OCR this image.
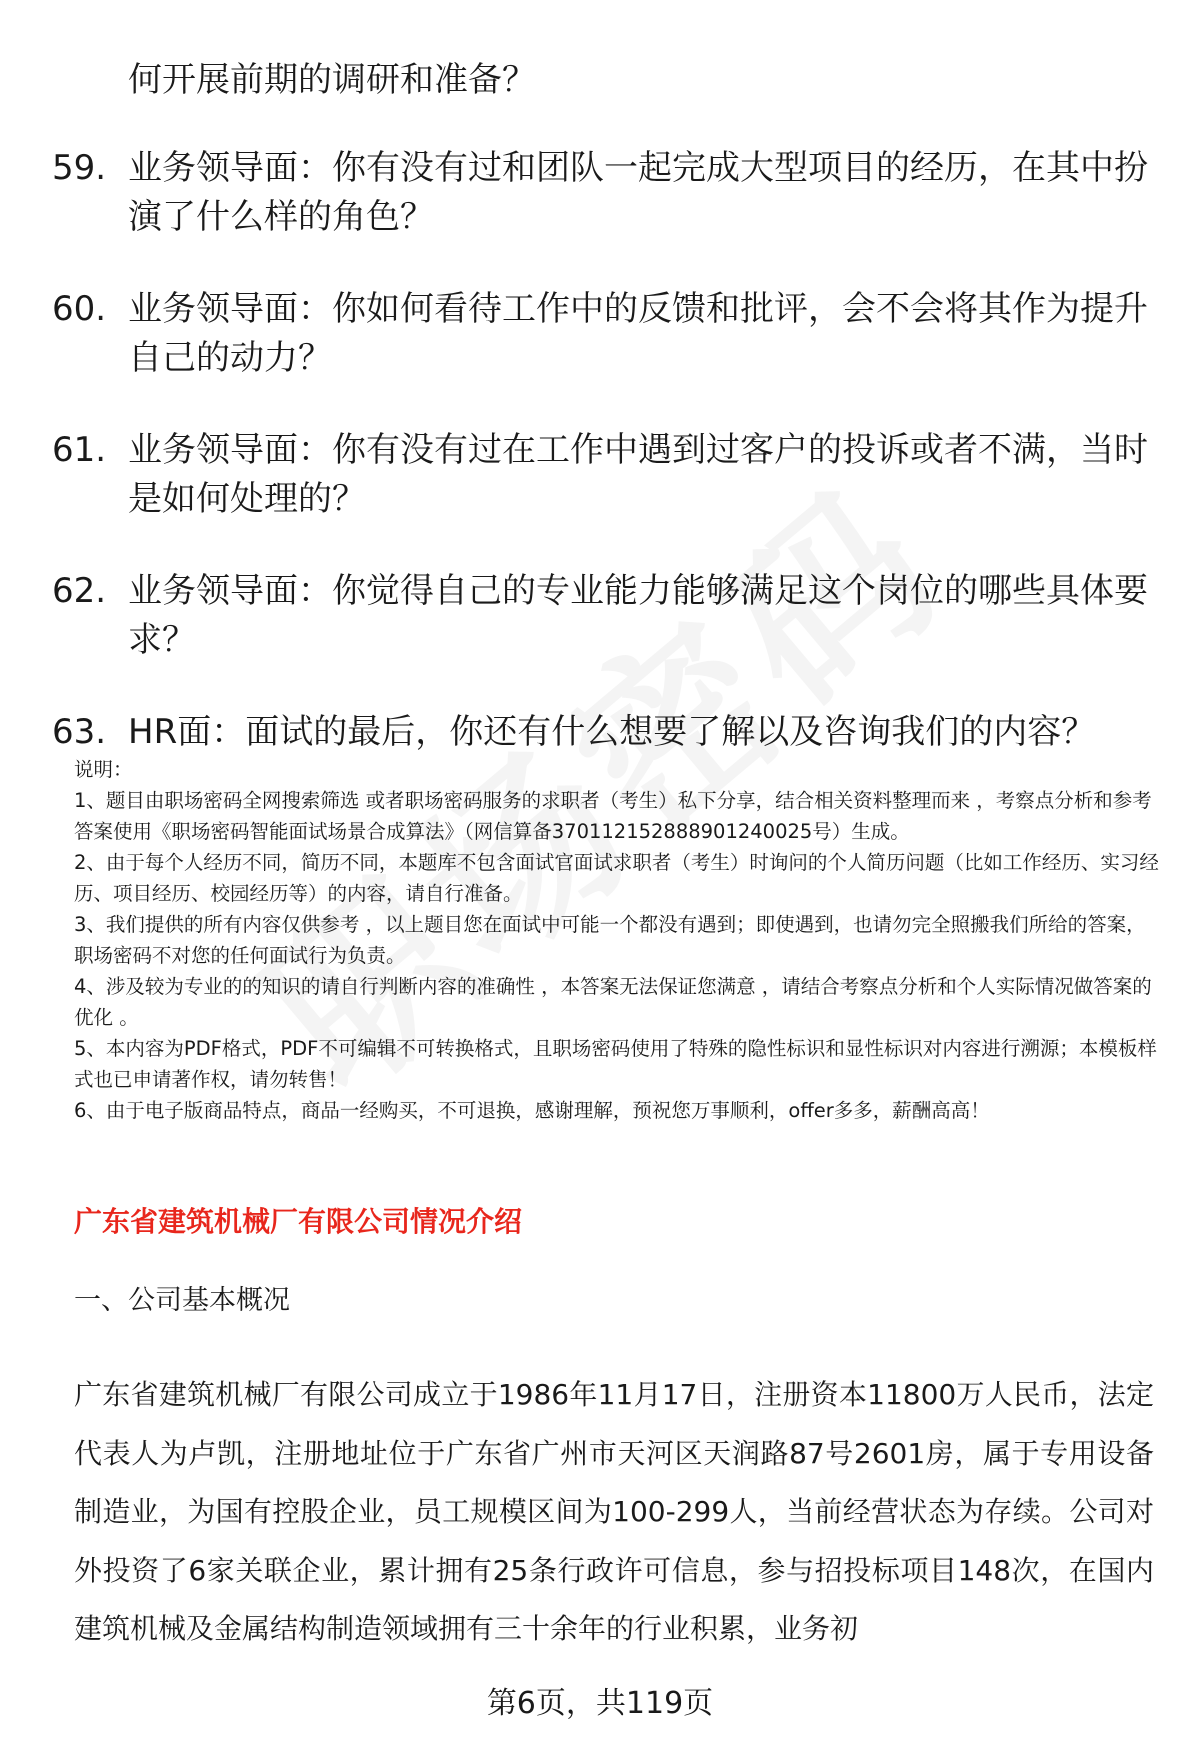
何开展前期的调研和准备？
59. 业务领导面：你有没有过和团队一起完成大型项目的经历，在其中扮演了什么样的角色？
60. 业务领导面：你如何看待工作中的反馈和批评，会不会将其作为提升自己的动力？
61. 业务领导面：你有没有过在工作中遇到过客户的投诉或者不满，当时是如何处理的？
62. 业务领导面：你觉得自己的专业能力能够满足这个岗位的哪些具体要求？
63. HR面：面试的最后，你还有什么想要了解以及咨询我们的内容？

说明：

1、题目由职场密码全网搜索筛选 或者职场密码服务的求职者（考生）私下分享，结合相关资料整理而来 ，考察点分析和参考答案使用《职场密码智能面试场景合成算法》（网信算备370112152888901240025号）生成。

2、由于每个人经历不同，简历不同，本题库不包含面试官面试求职者（考生）时询问的个人简历问题（比如工作经历、实习经历、项目经历、校园经历等）的内容，请自行准备。

3、我们提供的所有内容仅供参考 ，以上题目您在面试中可能一个都没有遇到；即使遇到，也请勿完全照搬我们所给的答案，职场密码不对您的任何面试行为负责。

4、涉及较为专业的的知识的请自行判断内容的准确性 ，本答案无法保证您满意 ，请结合考察点分析和个人实际情况做答案的优化 。

5、本内容为PDF格式，PDF不可编辑不可转换格式，且职场密码使用了特殊的隐性标识和显性标识对内容进行溯源；本模板样式也已申请著作权，请勿转售！

6、由于电子版商品特点，商品一经购买，不可退换，感谢理解，预祝您万事顺利，offer多多，薪酬高高！

广东省建筑机械厂有限公司情况介绍
一、公司基本概况
广东省建筑机械厂有限公司成立于1986年11月17日，注册资本11800万人民币，法定代表人为卢凯，注册地址位于广东省广州市天河区天润路87号2601房，属于专用设备制造业，为国有控股企业，员工规模区间为100-299人，当前经营状态为存续。公司对外投资了6家关联企业，累计拥有25条行政许可信息，参与招投标项目148次，在国内建筑机械及金属结构制造领域拥有三十余年的行业积累，业务初
第6页，共119页
